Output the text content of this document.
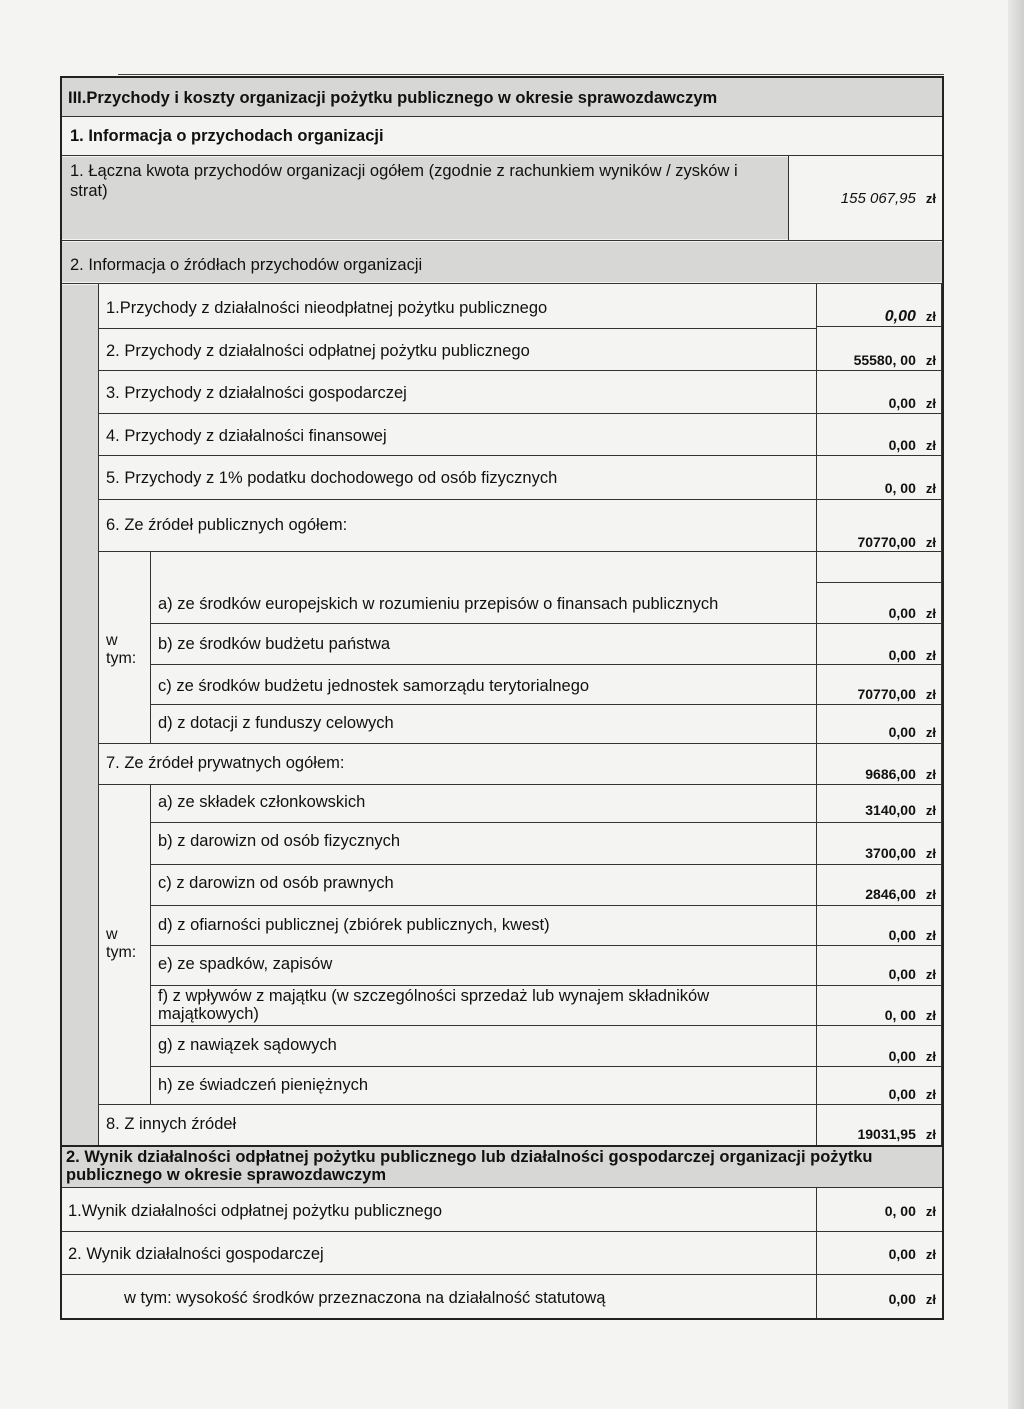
III.Przychody i koszty organizacji pożytku publicznego w okresie sprawozdawczym
1. Informacja o przychodach organizacji
1. Łączna kwota przychodów organizacji ogółem (zgodnie z rachunkiem wyników / zysków i
strat)	155 067,95 zł
2. Informacja o źródłach przychodów organizacji
1.Przychody z działalności nieodpłatnej pożytku publicznego	0,00 zł
2. Przychody z działalności odpłatnej pożytku publicznego	55580, 00 zł
3. Przychody z działalności gospodarczej
0,00 zł
4. Przychody z działalności finansowej	0,00 zł
5. Przychody z 1% podatku dochodowego od osób fizycznych
0, 00 zł
6. Ze źródeł publicznych ogółem:
70770,00 zł
w
tym:
a) ze środków europejskich w rozumieniu przepisów o finansach publicznych	0,00 zł
b) ze środków budżetu państwa
0,00 zł
c) ze środków budżetu jednostek samorządu terytorialnego	70770,00 zł
d) z dotacji z funduszy celowych	0,00 zł
7. Ze źródeł prywatnych ogółem:
9686,00 zł
w
tym:
a) ze składek członkowskich	3140,00 zł
b) z darowizn od osób fizycznych
3700,00 zł
c) z darowizn od osób prawnych
2846,00 zł
d) z ofiarności publicznej (zbiórek publicznych, kwest)
0,00 zł
e) ze spadków, zapisów
0,00 zł
f) z wpływów z majątku (w szczególności sprzedaż lub wynajem składników
majątkowych)	0, 00 zł
g) z nawiązek sądowych
0,00 zł
h) ze świadczeń pieniężnych	0,00 zł
8. Z innych źródeł
19031,95 zł
2. Wynik działalności odpłatnej pożytku publicznego lub działalności gospodarczej organizacji pożytku
publicznego w okresie sprawozdawczym
1.Wynik działalności odpłatnej pożytku publicznego	0, 00 zł
2. Wynik działalności gospodarczej	0,00 zł
w tym: wysokość środków przeznaczona na działalność statutową	0,00 zł
